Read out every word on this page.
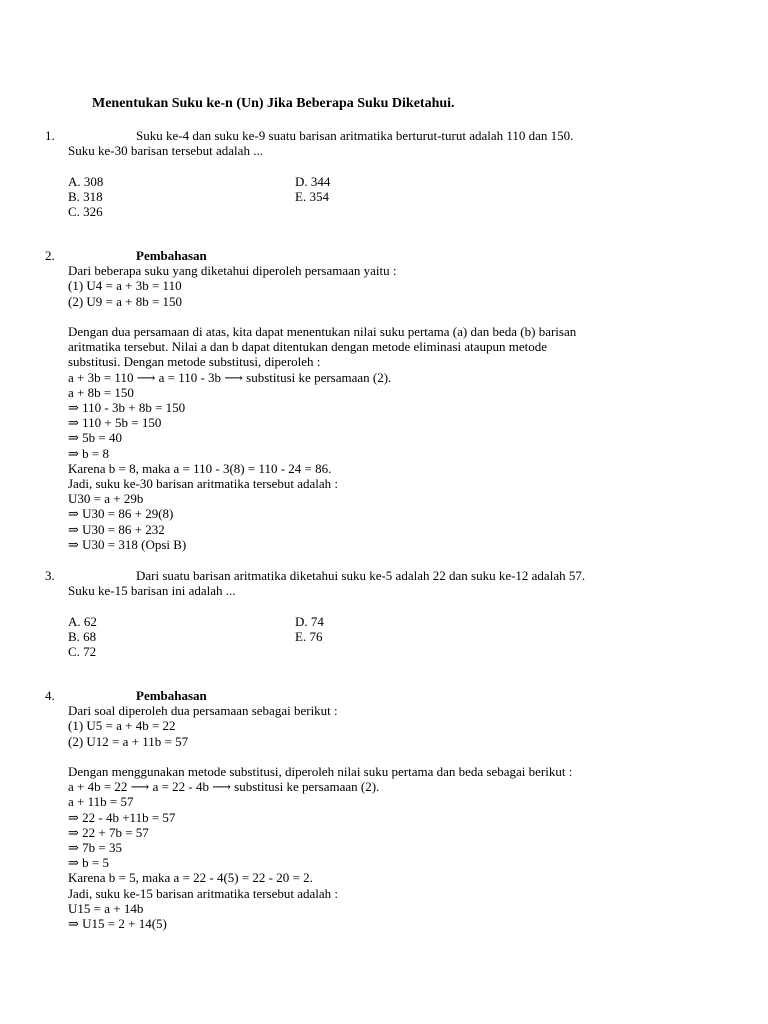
Menentukan Suku ke-n (Un) Jika Beberapa Suku Diketahui.
1.	Suku ke-4 dan suku ke-9 suatu barisan aritmatika berturut-turut adalah 110 dan 150.
Suku ke-30 barisan tersebut adalah ...
A. 308
B. 318
C. 326
D. 344
E. 354
2.	Pembahasan
Dari beberapa suku yang diketahui diperoleh persamaan yaitu :
(1) U4 = a + 3b = 110
(2) U9 = a + 8b = 150
Dengan dua persamaan di atas, kita dapat menentukan nilai suku pertama (a) dan beda (b) barisan
aritmatika tersebut. Nilai a dan b dapat ditentukan dengan metode eliminasi ataupun metode
substitusi. Dengan metode substitusi, diperoleh :
a + 3b = 110 ⟶ a = 110 - 3b ⟶ substitusi ke persamaan (2).
a + 8b = 150
⇒ 110 - 3b + 8b = 150
⇒ 110 + 5b = 150
⇒ 5b = 40
⇒ b = 8
Karena b = 8, maka a = 110 - 3(8) = 110 - 24 = 86.
Jadi, suku ke-30 barisan aritmatika tersebut adalah :
U30 = a + 29b
⇒ U30 = 86 + 29(8)
⇒ U30 = 86 + 232
⇒ U30 = 318 (Opsi B)
3.	Dari suatu barisan aritmatika diketahui suku ke-5 adalah 22 dan suku ke-12 adalah 57.
Suku ke-15 barisan ini adalah ...
A. 62
B. 68
C. 72
D. 74
E. 76
4.	Pembahasan
Dari soal diperoleh dua persamaan sebagai berikut :
(1) U5 = a + 4b = 22
(2) U12 = a + 11b = 57
Dengan menggunakan metode substitusi, diperoleh nilai suku pertama dan beda sebagai berikut :
a + 4b = 22 ⟶ a = 22 - 4b ⟶ substitusi ke persamaan (2).
a + 11b = 57
⇒ 22 - 4b +11b = 57
⇒ 22 + 7b = 57
⇒ 7b = 35
⇒ b = 5
Karena b = 5, maka a = 22 - 4(5) = 22 - 20 = 2.
Jadi, suku ke-15 barisan aritmatika tersebut adalah :
U15 = a + 14b
⇒ U15 = 2 + 14(5)
